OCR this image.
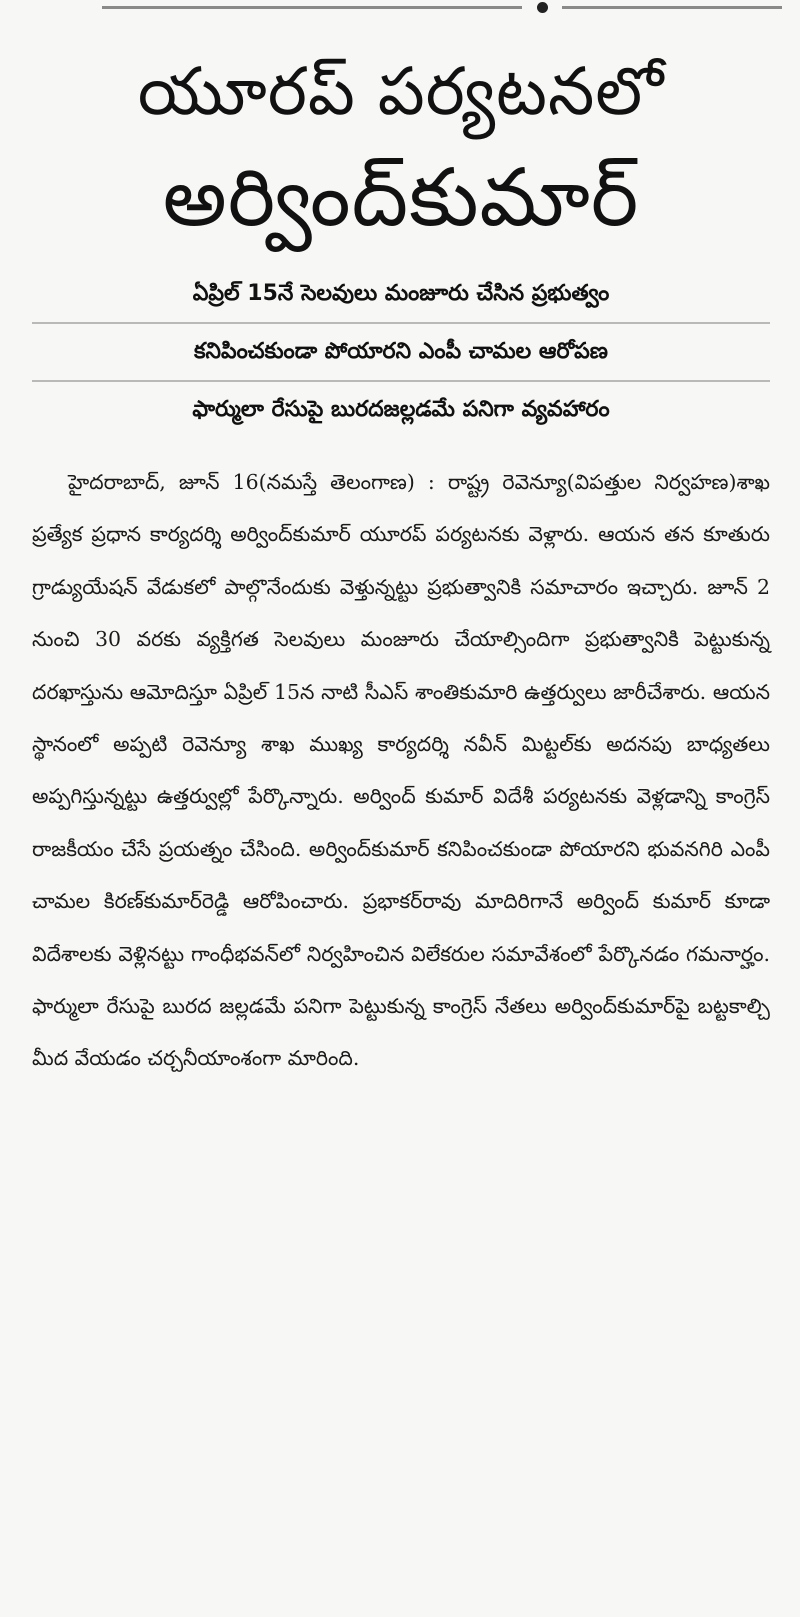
యూరప్ పర్యటనలో
అర్వింద్‌కుమార్
ఏప్రిల్ 15నే సెలవులు మంజూరు చేసిన ప్రభుత్వం
కనిపించకుండా పోయారని ఎంపీ చామల ఆరోపణ
ఫార్ములా రేసుపై బురదజల్లడమే పనిగా వ్యవహారం

హైదరాబాద్, జూన్ 16(నమస్తే తెలంగాణ) : రాష్ట్ర రెవెన్యూ(విపత్తుల నిర్వహణ)శాఖ ప్రత్యేక ప్రధాన కార్యదర్శి అర్వింద్‌కుమార్ యూరప్ పర్యటనకు వెళ్లారు. ఆయన తన కూతురు గ్రాడ్యుయేషన్ వేడుకలో పాల్గొనేందుకు వెళ్తున్నట్టు ప్రభుత్వానికి సమాచారం ఇచ్చారు. జూన్ 2 నుంచి 30 వరకు వ్యక్తిగత సెలవులు మంజూరు చేయాల్సిందిగా ప్రభుత్వానికి పెట్టుకున్న దరఖాస్తును ఆమోదిస్తూ ఏప్రిల్ 15న నాటి సీఎస్ శాంతికుమారి ఉత్తర్వులు జారీచేశారు. ఆయన స్థానంలో అప్పటి రెవెన్యూ శాఖ ముఖ్య కార్యదర్శి నవీన్ మిట్టల్‌కు అదనపు బాధ్యతలు అప్పగిస్తున్నట్టు ఉత్తర్వుల్లో పేర్కొన్నారు. అర్వింద్ కుమార్ విదేశీ పర్యటనకు వెళ్లడాన్ని కాంగ్రెస్ రాజకీయం చేసే ప్రయత్నం చేసింది. అర్వింద్‌కుమార్ కనిపించకుండా పోయారని భువనగిరి ఎంపీ చామల కిరణ్‌కుమార్‌రెడ్డి ఆరోపించారు. ప్రభాకర్‌రావు మాదిరిగానే అర్వింద్ కుమార్ కూడా విదేశాలకు వెళ్లినట్టు గాంధీభవన్‌లో నిర్వహించిన విలేకరుల సమావేశంలో పేర్కొనడం గమనార్హం. ఫార్ములా రేసుపై బురద జల్లడమే పనిగా పెట్టుకున్న కాంగ్రెస్ నేతలు అర్వింద్‌కుమార్‌పై బట్టకాల్చి మీద వేయడం చర్చనీయాంశంగా మారింది.
